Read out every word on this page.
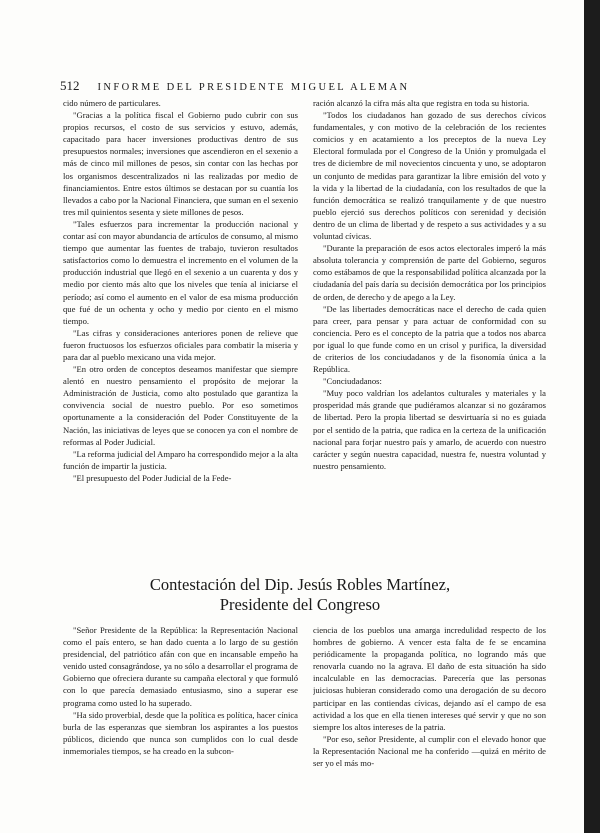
512 INFORME DEL PRESIDENTE MIGUEL ALEMAN

cido número de particulares.

"Gracias a la política fiscal el Gobierno pudo cubrir con sus propios recursos, el costo de sus servicios y estuvo, además, capacitado para hacer inversiones productivas dentro de sus presupuestos normales; inversiones que ascendieron en el sexenio a más de cinco mil millones de pesos, sin contar con las hechas por los organismos descentralizados ni las realizadas por medio de financiamientos. Entre estos últimos se destacan por su cuantía los llevados a cabo por la Nacional Financiera, que suman en el sexenio tres mil quinientos sesenta y siete millones de pesos.

"Tales esfuerzos para incrementar la producción nacional y contar así con mayor abundancia de artículos de consumo, al mismo tiempo que aumentar las fuentes de trabajo, tuvieron resultados satisfactorios como lo demuestra el incremento en el volumen de la producción industrial que llegó en el sexenio a un cuarenta y dos y medio por ciento más alto que los niveles que tenía al iniciarse el período; así como el aumento en el valor de esa misma producción que fué de un ochenta y ocho y medio por ciento en el mismo tiempo.

"Las cifras y consideraciones anteriores ponen de relieve que fueron fructuosos los esfuerzos oficiales para combatir la miseria y para dar al pueblo mexicano una vida mejor.

"En otro orden de conceptos deseamos manifestar que siempre alentó en nuestro pensamiento el propósito de mejorar la Administración de Justicia, como alto postulado que garantiza la convivencia social de nuestro pueblo. Por eso sometimos oportunamente a la consideración del Poder Constituyente de la Nación, las iniciativas de leyes que se conocen ya con el nombre de reformas al Poder Judicial.

"La reforma judicial del Amparo ha correspondido mejor a la alta función de impartir la justicia.

"El presupuesto del Poder Judicial de la Fede-

ración alcanzó la cifra más alta que registra en toda su historia.

"Todos los ciudadanos han gozado de sus derechos cívicos fundamentales, y con motivo de la celebración de los recientes comicios y en acatamiento a los preceptos de la nueva Ley Electoral formulada por el Congreso de la Unión y promulgada el tres de diciembre de mil novecientos cincuenta y uno, se adoptaron un conjunto de medidas para garantizar la libre emisión del voto y la vida y la libertad de la ciudadanía, con los resultados de que la función democrática se realizó tranquilamente y de que nuestro pueblo ejerció sus derechos políticos con serenidad y decisión dentro de un clima de libertad y de respeto a sus actividades y a su voluntad cívicas.

"Durante la preparación de esos actos electorales imperó la más absoluta tolerancia y comprensión de parte del Gobierno, seguros como estábamos de que la responsabilidad política alcanzada por la ciudadanía del país daría su decisión democrática por los principios de orden, de derecho y de apego a la Ley.

"De las libertades democráticas nace el derecho de cada quien para creer, para pensar y para actuar de conformidad con su conciencia. Pero es el concepto de la patria que a todos nos abarca por igual lo que funde como en un crisol y purifica, la diversidad de criterios de los conciudadanos y de la fisonomía única a la República.

"Conciudadanos:

"Muy poco valdrían los adelantos culturales y materiales y la prosperidad más grande que pudiéramos alcanzar si no gozáramos de libertad. Pero la propia libertad se desvirtuaría si no es guiada por el sentido de la patria, que radica en la certeza de la unificación nacional para forjar nuestro país y amarlo, de acuerdo con nuestro carácter y según nuestra capacidad, nuestra fe, nuestra voluntad y nuestro pensamiento.

Contestación del Dip. Jesús Robles Martínez, Presidente del Congreso

"Señor Presidente de la República: la Representación Nacional como el país entero, se han dado cuenta a lo largo de su gestión presidencial, del patriótico afán con que en incansable empeño ha venido usted consagrándose, ya no sólo a desarrollar el programa de Gobierno que ofreciera durante su campaña electoral y que formuló con lo que parecía demasiado entusiasmo, sino a superar ese programa como usted lo ha superado.

"Ha sido proverbial, desde que la política es política, hacer cínica burla de las esperanzas que siembran los aspirantes a los puestos públicos, diciendo que nunca son cumplidos con lo cual desde inmemoriales tiempos, se ha creado en la subcon-

ciencia de los pueblos una amarga incredulidad respecto de los hombres de gobierno. A vencer esta falta de fe se encamina periódicamente la propaganda política, no logrando más que renovarla cuando no la agrava. El daño de esta situación ha sido incalculable en las democracias. Parecería que las personas juiciosas hubieran considerado como una derogación de su decoro participar en las contiendas cívicas, dejando así el campo de esa actividad a los que en ella tienen intereses qué servir y que no son siempre los altos intereses de la patria.

"Por eso, señor Presidente, al cumplir con el elevado honor que la Representación Nacional me ha conferido —quizá en mérito de ser yo el más mo-
